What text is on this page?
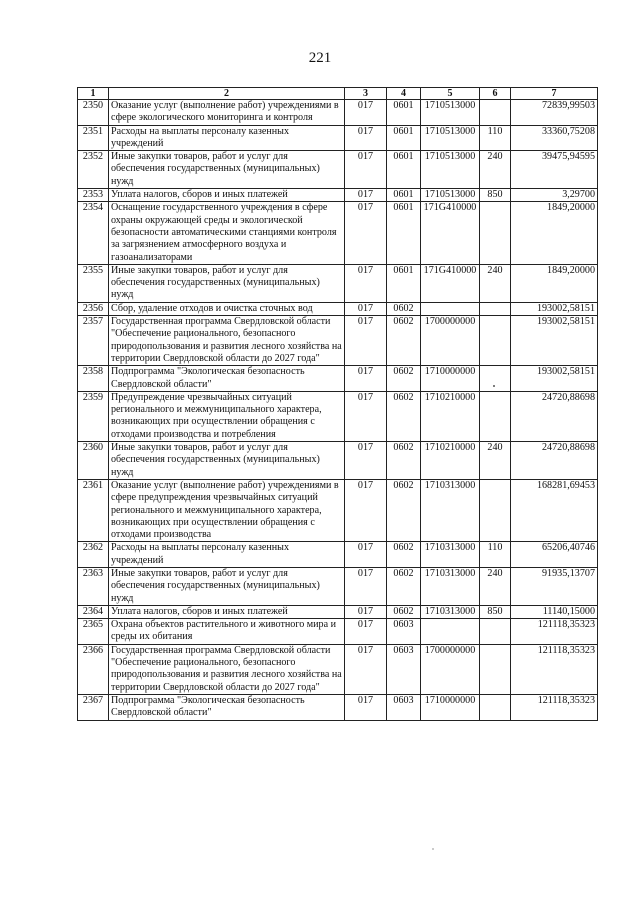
221
1	2	3	4	5	6	7
2350	Оказание услуг (выполнение работ) учреждениями в сфере экологического мониторинга и контроля	017	0601	1710513000		72839,99503
2351	Расходы на выплаты персоналу казенных учреждений	017	0601	1710513000	110	33360,75208
2352	Иные закупки товаров, работ и услуг для обеспечения государственных (муниципальных) нужд	017	0601	1710513000	240	39475,94595
2353	Уплата налогов, сборов и иных платежей	017	0601	1710513000	850	3,29700
2354	Оснащение государственного учреждения в сфере охраны окружающей среды и экологической безопасности автоматическими станциями контроля за загрязнением атмосферного воздуха и газоанализаторами	017	0601	171G410000		1849,20000
2355	Иные закупки товаров, работ и услуг для обеспечения государственных (муниципальных) нужд	017	0601	171G410000	240	1849,20000
2356	Сбор, удаление отходов и очистка сточных вод	017	0602			193002,58151
2357	Государственная программа Свердловской области "Обеспечение рационального, безопасного природопользования и развития лесного хозяйства на территории Свердловской области до 2027 года"	017	0602	1700000000		193002,58151
2358	Подпрограмма "Экологическая безопасность Свердловской области"	017	0602	1710000000		193002,58151
2359	Предупреждение чрезвычайных ситуаций регионального и межмуниципального характера, возникающих при осуществлении обращения с отходами производства и потребления	017	0602	1710210000		24720,88698
2360	Иные закупки товаров, работ и услуг для обеспечения государственных (муниципальных) нужд	017	0602	1710210000	240	24720,88698
2361	Оказание услуг (выполнение работ) учреждениями в сфере предупреждения чрезвычайных ситуаций регионального и межмуниципального характера, возникающих при осуществлении обращения с отходами производства	017	0602	1710313000		168281,69453
2362	Расходы на выплаты персоналу казенных учреждений	017	0602	1710313000	110	65206,40746
2363	Иные закупки товаров, работ и услуг для обеспечения государственных (муниципальных) нужд	017	0602	1710313000	240	91935,13707
2364	Уплата налогов, сборов и иных платежей	017	0602	1710313000	850	11140,15000
2365	Охрана объектов растительного и животного мира и среды их обитания	017	0603			121118,35323
2366	Государственная программа Свердловской области "Обеспечение рационального, безопасного природопользования и развития лесного хозяйства на территории Свердловской области до 2027 года"	017	0603	1700000000		121118,35323
2367	Подпрограмма "Экологическая безопасность Свердловской области"	017	0603	1710000000		121118,35323
